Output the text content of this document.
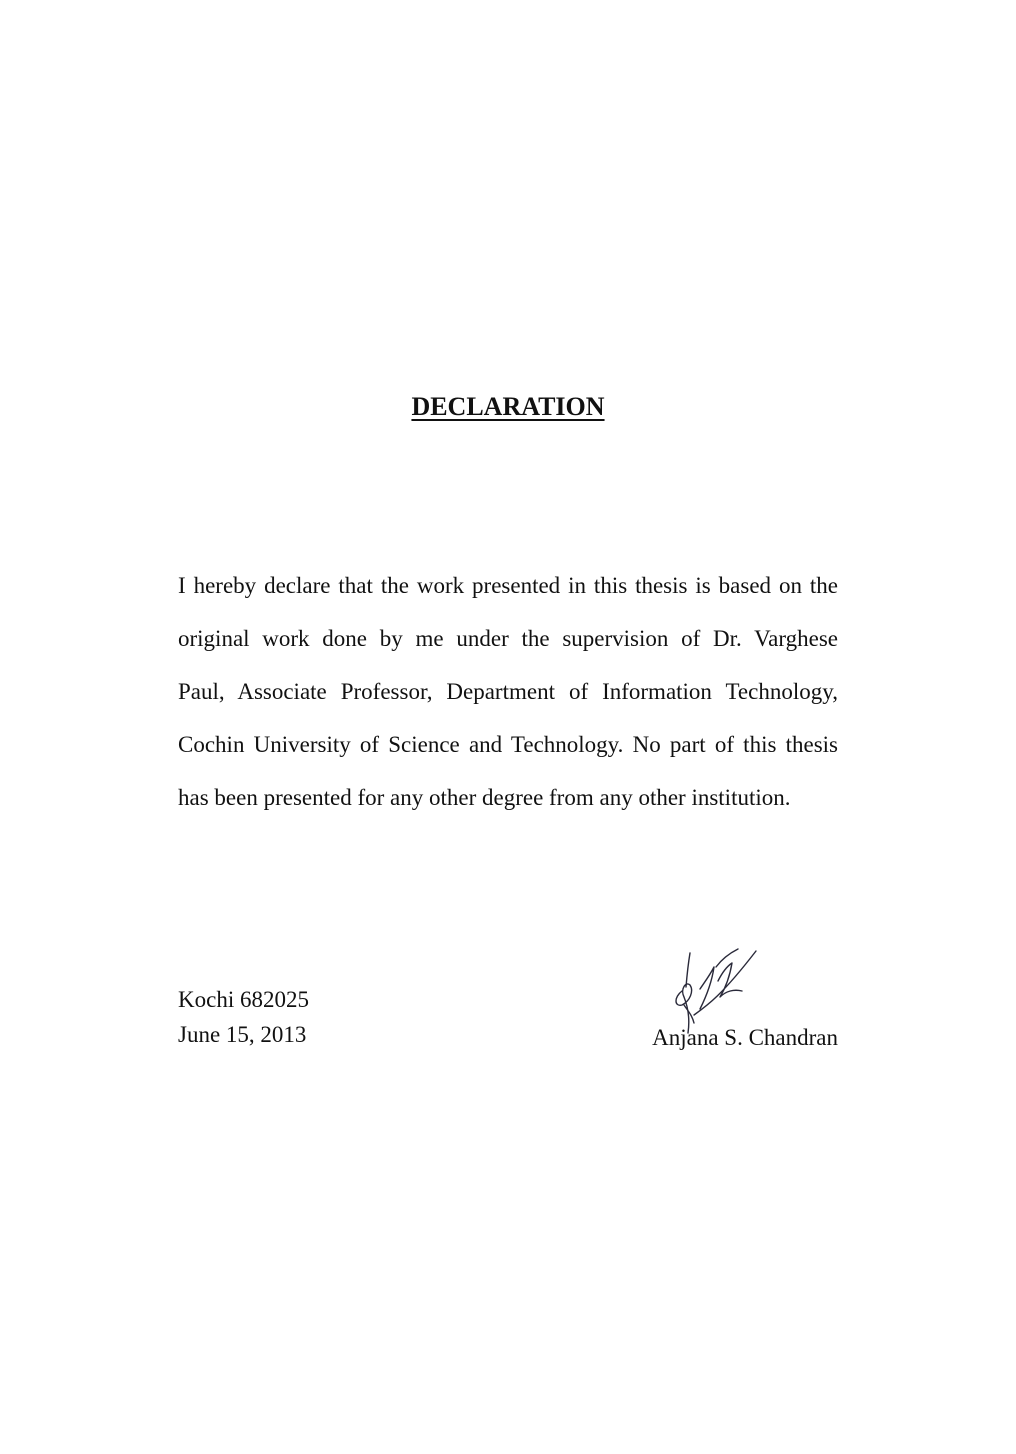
DECLARATION
I hereby declare that the work presented in this thesis is based on the
original work done by me under the supervision of Dr. Varghese
Paul, Associate Professor, Department of Information Technology,
Cochin University of Science and Technology. No part of this thesis
has been presented for any other degree from any other institution.
Kochi 682025
June 15, 2013	Anjana S. Chandran
